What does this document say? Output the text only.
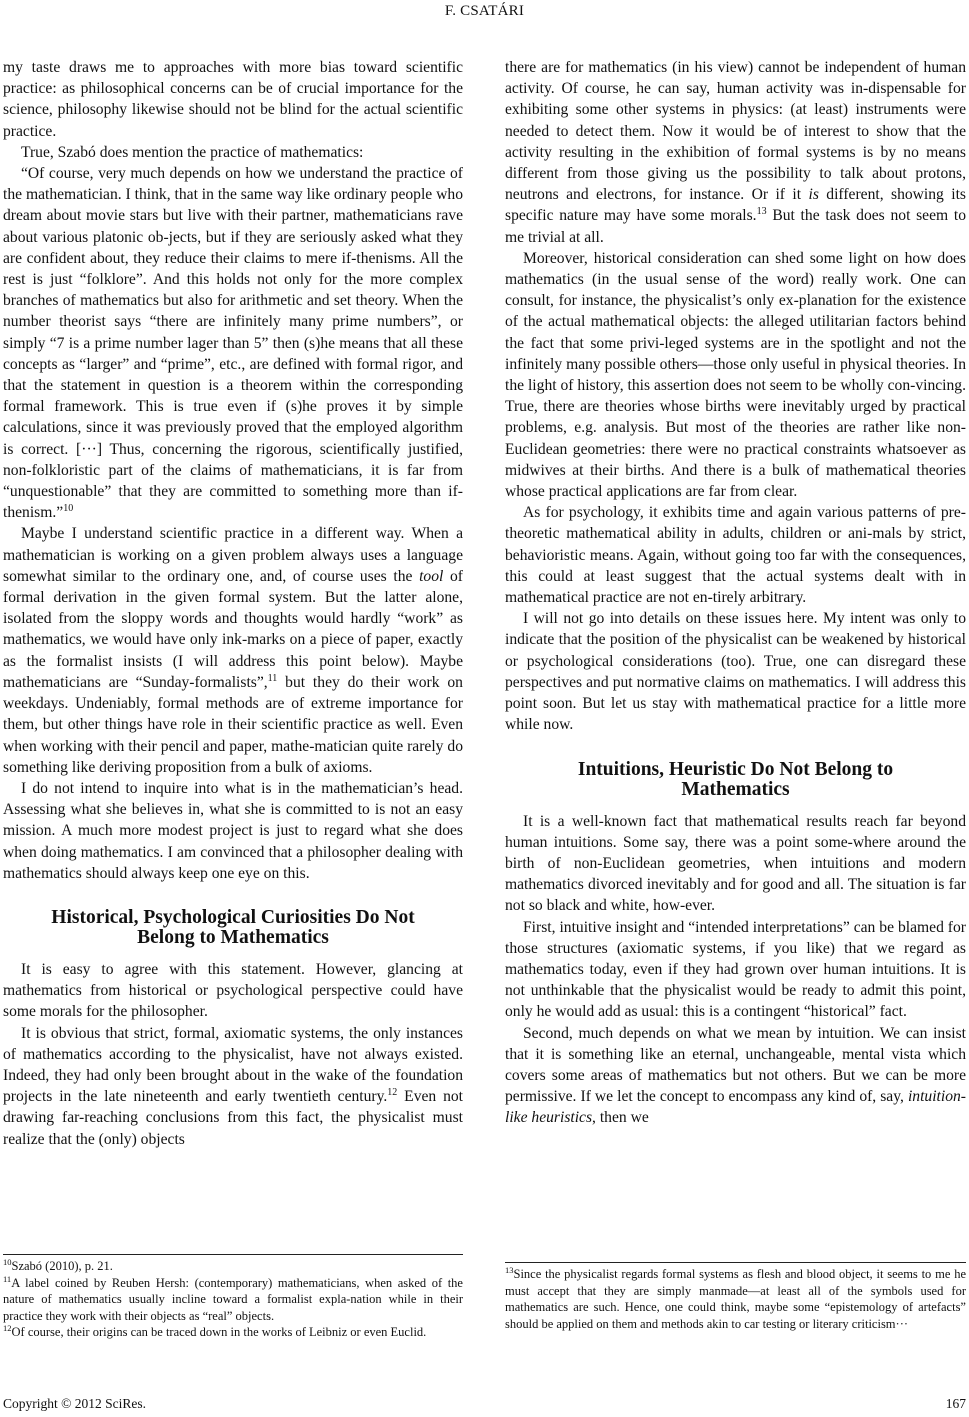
F. CSATÁRI

my taste draws me to approaches with more bias toward scientific practice: as philosophical concerns can be of crucial importance for the science, philosophy likewise should not be blind for the actual scientific practice.

True, Szabó does mention the practice of mathematics:

“Of course, very much depends on how we understand the practice of the mathematician. I think, that in the same way like ordinary people who dream about movie stars but live with their partner, mathematicians rave about various platonic ob-jects, but if they are seriously asked what they are confident about, they reduce their claims to mere if-thenisms. All the rest is just “folklore”. And this holds not only for the more complex branches of mathematics but also for arithmetic and set theory. When the number theorist says “there are infinitely many prime numbers”, or simply “7 is a prime number lager than 5” then (s)he means that all these concepts as “larger” and “prime”, etc., are defined with formal rigor, and that the statement in question is a theorem within the corresponding formal framework. This is true even if (s)he proves it by simple calculations, since it was previously proved that the employed algorithm is correct. [···] Thus, concerning the rigorous, scientifically justified, non-folkloristic part of the claims of mathematicians, it is far from “unquestionable” that they are committed to something more than if-thenism.”$^{10}$

Maybe I understand scientific practice in a different way. When a mathematician is working on a given problem always uses a language somewhat similar to the ordinary one, and, of course uses the tool of formal derivation in the given formal system. But the latter alone, isolated from the sloppy words and thoughts would hardly “work” as mathematics, we would have only ink-marks on a piece of paper, exactly as the formalist insists (I will address this point below). Maybe mathematicians are “Sunday-formalists”,$^{11}$ but they do their work on weekdays. Undeniably, formal methods are of extreme importance for them, but other things have role in their scientific practice as well. Even when working with their pencil and paper, mathe-matician quite rarely do something like deriving proposition from a bulk of axioms.

I do not intend to inquire into what is in the mathematician’s head. Assessing what she believes in, what she is committed to is not an easy mission. A much more modest project is just to regard what she does when doing mathematics. I am convinced that a philosopher dealing with mathematics should always keep one eye on this.

Historical, Psychological Curiosities Do Not
Belong to Mathematics

It is easy to agree with this statement. However, glancing at mathematics from historical or psychological perspective could have some morals for the philosopher.

It is obvious that strict, formal, axiomatic systems, the only instances of mathematics according to the physicalist, have not always existed. Indeed, they had only been brought about in the wake of the foundation projects in the late nineteenth and early twentieth century.$^{12}$ Even not drawing far-reaching conclusions from this fact, the physicalist must realize that the (only) objects

there are for mathematics (in his view) cannot be independent of human activity. Of course, he can say, human activity was in-dispensable for exhibiting some other systems in physics: (at least) instruments were needed to detect them. Now it would be of interest to show that the activity resulting in the exhibition of formal systems is by no means different from those giving us the possibility to talk about protons, neutrons and electrons, for instance. Or if it is different, showing its specific nature may have some morals.$^{13}$ But the task does not seem to me trivial at all.

Moreover, historical consideration can shed some light on how does mathematics (in the usual sense of the word) really work. One can consult, for instance, the physicalist’s only ex-planation for the existence of the actual mathematical objects: the alleged utilitarian factors behind the fact that some privi-leged systems are in the spotlight and not the infinitely many possible others—those only useful in physical theories. In the light of history, this assertion does not seem to be wholly con-vincing. True, there are theories whose births were inevitably urged by practical problems, e.g. analysis. But most of the theories are rather like non-Euclidean geometries: there were no practical constraints whatsoever as midwives at their births. And there is a bulk of mathematical theories whose practical applications are far from clear.

As for psychology, it exhibits time and again various patterns of pre-theoretic mathematical ability in adults, children or ani-mals by strict, behavioristic means. Again, without going too far with the consequences, this could at least suggest that the actual systems dealt with in mathematical practice are not en-tirely arbitrary.

I will not go into details on these issues here. My intent was only to indicate that the position of the physicalist can be weakened by historical or psychological considerations (too). True, one can disregard these perspectives and put normative claims on mathematics. I will address this point soon. But let us stay with mathematical practice for a little more while now.

Intuitions, Heuristic Do Not Belong to
Mathematics

It is a well-known fact that mathematical results reach far beyond human intuitions. Some say, there was a point some-where around the birth of non-Euclidean geometries, when intuitions and modern mathematics divorced inevitably and for good and all. The situation is far not so black and white, how-ever.

First, intuitive insight and “intended interpretations” can be blamed for those structures (axiomatic systems, if you like) that we regard as mathematics today, even if they had grown over human intuitions. It is not unthinkable that the physicalist would be ready to admit this point, only he would add as usual: this is a contingent “historical” fact.

Second, much depends on what we mean by intuition. We can insist that it is something like an eternal, unchangeable, mental vista which covers some areas of mathematics but not others. But we can be more permissive. If we let the concept to encompass any kind of, say, intuition-like heuristics, then we

$^{10}$Szabó (2010), p. 21.

$^{11}$A label coined by Reuben Hersh: (contemporary) mathematicians, when asked of the nature of mathematics usually incline toward a formalist expla-nation while in their practice they work with their objects as “real” objects.

$^{12}$Of course, their origins can be traced down in the works of Leibniz or even Euclid.

$^{13}$Since the physicalist regards formal systems as flesh and blood object, it seems to me he must accept that they are simply manmade—at least all of the symbols used for mathematics are such. Hence, one could think, maybe some “epistemology of artefacts” should be applied on them and methods akin to car testing or literary criticism···

Copyright © 2012 SciRes.	167
